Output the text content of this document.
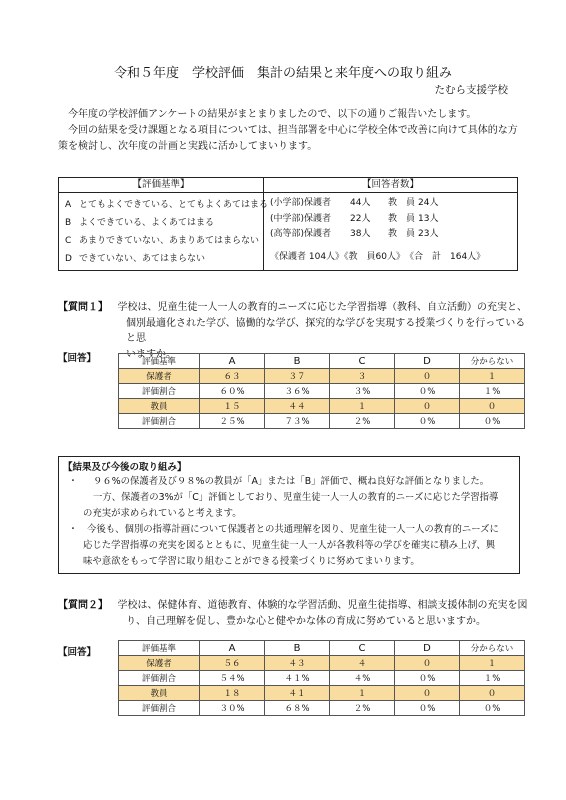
令和５年度　学校評価　集計の結果と来年度への取り組み
たむら支援学校

今年度の学校評価アンケートの結果がまとまりましたので、以下の通りご報告いたします。

今回の結果を受け課題となる項目については、担当部署を中心に学校全体で改善に向けて具体的な方策を検討し、次年度の計画と実践に活かしてまいります。

【評価基準】
A とてもよくできている、とてもよくあてはまる
B よくできている、よくあてはまる
C あまりできていない、あまりあてはまらない
D できていない、あてはまらない
【回答者数】
(小学部)保護者 44人 教　員 24人
(中学部)保護者 22人 教　員 13人
(高等部)保護者 38人 教　員 23人
《保護者 104人》《教　員60人》　《合　計　164人》
【質問１】 学校は、児童生徒一人一人の教育的ニーズに応じた学習指導（教科、自立活動）の充実と、
個別最適化された学び、協働的な学び、探究的な学びを実現する授業づくりを行っていると思
いますか。
【回答】	評価基準	A	B	C	D	分からない
保護者	６３	３７	３	０	１
評価割合	６０%	３６%	３%	０%	１%
教員	１５	４４	１	０	０
評価割合	２５%	７３%	２%	０%	０%
【結果及び今後の取り組み】
・	９６%の保護者及び９８%の教員が「A」または「B」評価で、概ね良好な評価となりました。
一方、保護者の3%が「C」評価としており、児童生徒一人一人の教育的ニーズに応じた学習指導
の充実が求められていると考えます。
・ 今後も、個別の指導計画について保護者との共通理解を図り、児童生徒一人一人の教育的ニーズに
応じた学習指導の充実を図るとともに、児童生徒一人一人が各教科等の学びを確実に積み上げ、興
味や意欲をもって学習に取り組むことができる授業づくりに努めてまいります。
【質問２】 学校は、保健体育、道徳教育、体験的な学習活動、児童生徒指導、相談支援体制の充実を図
り、自己理解を促し、豊かな心と健やかな体の育成に努めていると思いますか。
【回答】	評価基準	A	B	C	D	分からない
保護者	５６	４３	４	０	１
評価割合	５４%	４１%	４%	０%	１%
教員	１８	４１	１	０	０
評価割合	３０%	６８%	２%	０%	０%
